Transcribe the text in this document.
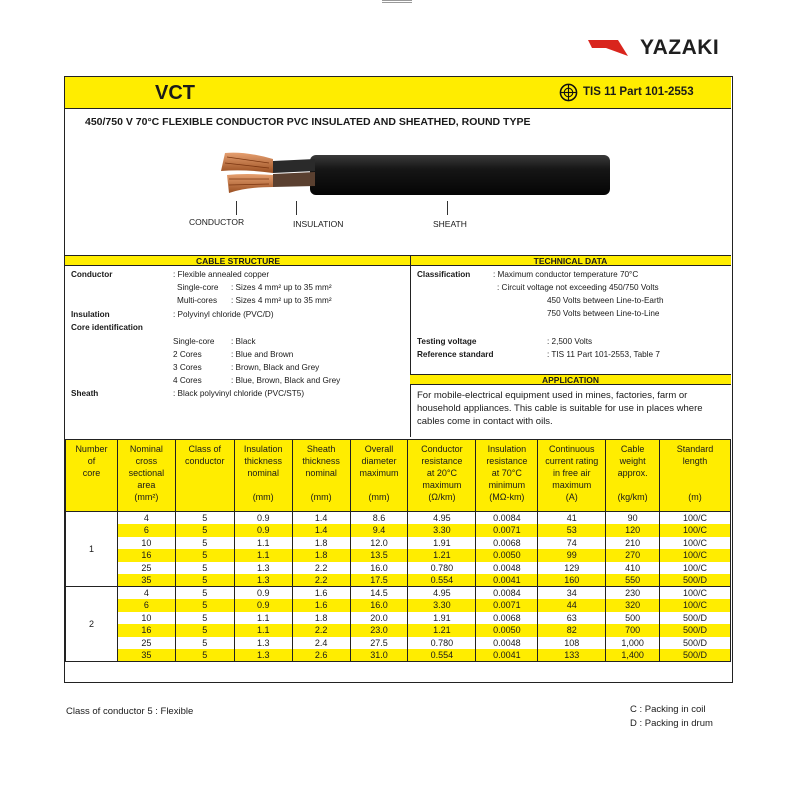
YAZAKI
VCT	TIS 11 Part 101-2553
450/750 V 70°C FLEXIBLE CONDUCTOR PVC INSULATED AND SHEATHED, ROUND TYPE
CONDUCTOR	INSULATION	SHEATH
CABLE STRUCTURE	TECHNICAL DATA
Conductor	: Flexible annealed copper
Single-core : Sizes 4 mm² up to 35 mm²
Multi-cores : Sizes 4 mm² up to 35 mm²
Insulation	: Polyvinyl chloride (PVC/D)
Core identification
Single-core : Black
2 Cores	: Blue and Brown
3 Cores	: Brown, Black and Grey
4 Cores	: Blue, Brown, Black and Grey
Sheath	: Black polyvinyl chloride (PVC/ST5)
Classification	: Maximum conductor temperature 70°C
: Circuit voltage not exceeding 450/750 Volts
450 Volts between Line-to-Earth
750 Volts between Line-to-Line
Testing voltage	: 2,500 Volts
Reference standard	: TIS 11 Part 101-2553, Table 7
APPLICATION
For mobile-electrical equipment used in mines, factories, farm or household appliances. This cable is suitable for use in places where cables come in contact with oils.
Number
of
core	Nominal
cross
sectional
area
(mm²)	Class of
conductor	Insulation
thickness
nominal

(mm)	Sheath
thickness
nominal

(mm)	Overall
diameter
maximum

(mm)	Conductor
resistance
at 20°C
maximum
(Ω/km)	Insulation
resistance
at 70°C
minimum
(MΩ-km)	Continuous
current rating
in free air
maximum
(A)	Cable
weight
approx.

(kg/km)	Standard
length

(m)
1	4	5	0.9	1.4	8.6	4.95	0.0084	41	90	100/C
	6	5	0.9	1.4	9.4	3.30	0.0071	53	120	100/C
	10	5	1.1	1.8	12.0	1.91	0.0068	74	210	100/C
	16	5	1.1	1.8	13.5	1.21	0.0050	99	270	100/C
	25	5	1.3	2.2	16.0	0.780	0.0048	129	410	100/C
	35	5	1.3	2.2	17.5	0.554	0.0041	160	550	500/D
2	4	5	0.9	1.6	14.5	4.95	0.0084	34	230	100/C
	6	5	0.9	1.6	16.0	3.30	0.0071	44	320	100/C
	10	5	1.1	1.8	20.0	1.91	0.0068	63	500	500/D
	16	5	1.1	2.2	23.0	1.21	0.0050	82	700	500/D
	25	5	1.3	2.4	27.5	0.780	0.0048	108	1,000	500/D
	35	5	1.3	2.6	31.0	0.554	0.0041	133	1,400	500/D
Class of conductor 5 : Flexible	C : Packing in coil
D : Packing in drum
